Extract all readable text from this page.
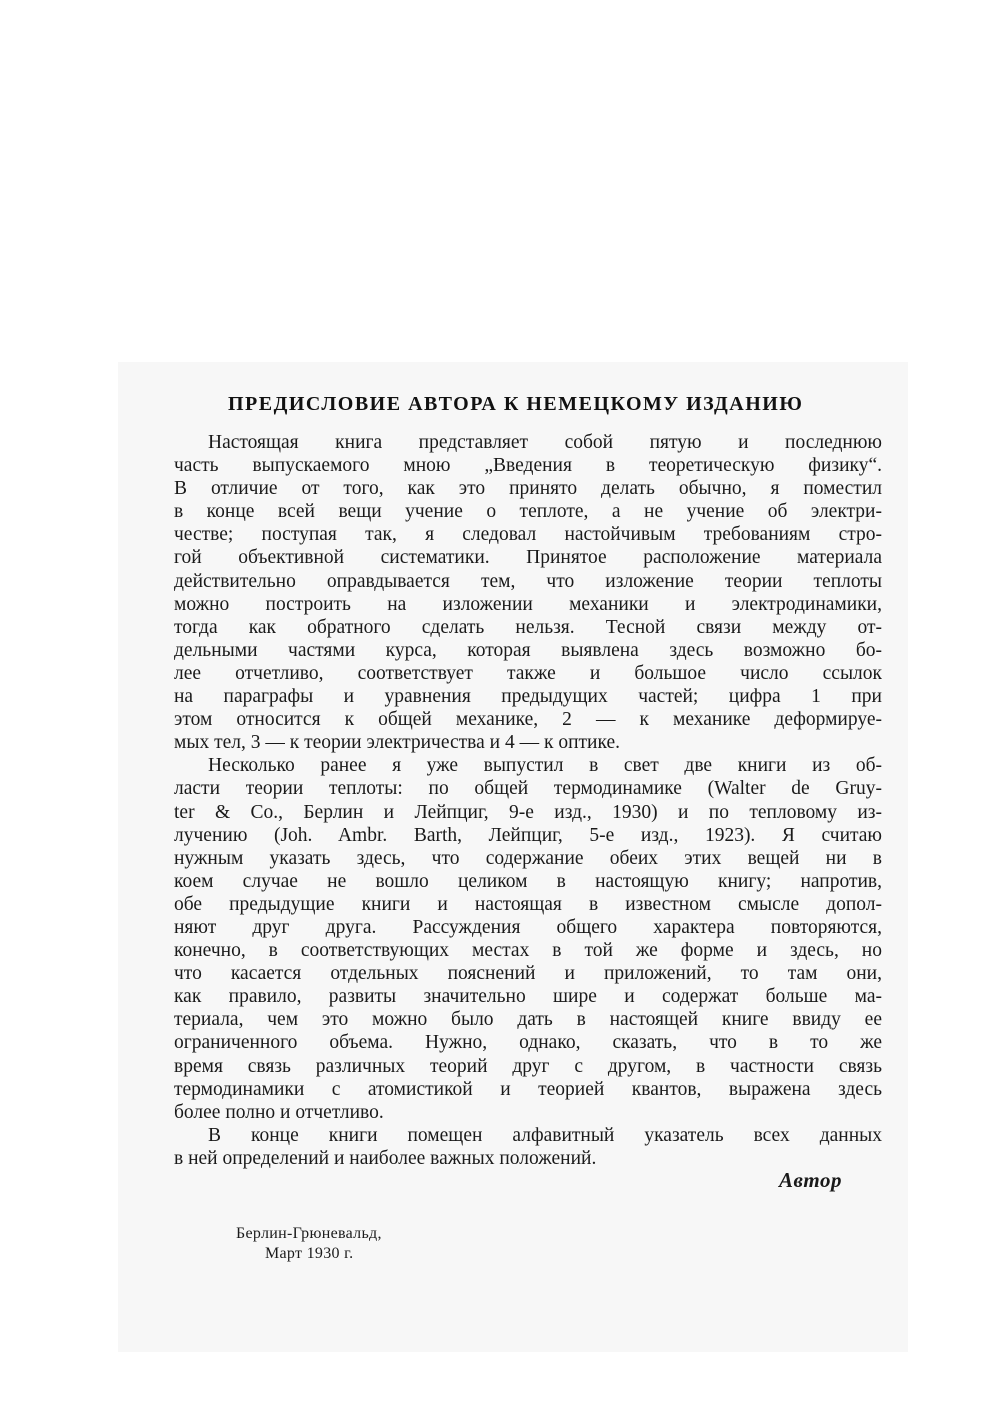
ПРЕДИСЛОВИЕ АВТОРА К НЕМЕЦКОМУ ИЗДАНИЮ
Настоящая книга представляет собой пятую и последнюю
часть выпускаемого мною „Введения в теоретическую физику“.
В отличие от того, как это принято делать обычно, я поместил
в конце всей вещи учение о теплоте, а не учение об электри-
честве; поступая так, я следовал настойчивым требованиям стро-
гой объективной систематики. Принятое расположение материала
действительно оправдывается тем, что изложение теории теплоты
можно построить на изложении механики и электродинамики,
тогда как обратного сделать нельзя. Тесной связи между от-
дельными частями курса, которая выявлена здесь возможно бо-
лее отчетливо, соответствует также и большое число ссылок
на параграфы и уравнения предыдущих частей; цифра 1 при
этом относится к общей механике, 2 — к механике деформируе-
мых тел, 3 — к теории электричества и 4 — к оптике.
Несколько ранее я уже выпустил в свет две книги из об-
ласти теории теплоты: по общей термодинамике (Walter de Gruy-
ter & Co., Берлин и Лейпциг, 9-е изд., 1930) и по тепловому из-
лучению (Joh. Ambr. Barth, Лейпциг, 5-е изд., 1923). Я считаю
нужным указать здесь, что содержание обеих этих вещей ни в
коем случае не вошло целиком в настоящую книгу; напротив,
обе предыдущие книги и настоящая в известном смысле допол-
няют друг друга. Рассуждения общего характера повторяются,
конечно, в соответствующих местах в той же форме и здесь, но
что касается отдельных пояснений и приложений, то там они,
как правило, развиты значительно шире и содержат больше ма-
териала, чем это можно было дать в настоящей книге ввиду ее
ограниченного объема. Нужно, однако, сказать, что в то же
время связь различных теорий друг с другом, в частности связь
термодинамики с атомистикой и теорией квантов, выражена здесь
более полно и отчетливо.
В конце книги помещен алфавитный указатель всех данных
в ней определений и наиболее важных положений.
Автор
Берлин-Грюневальд,
Март 1930 г.
